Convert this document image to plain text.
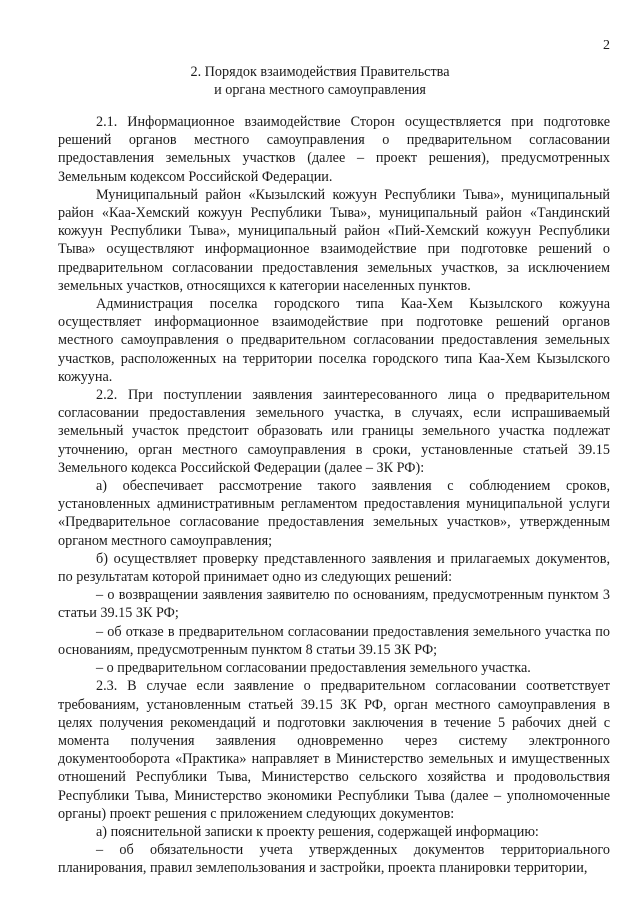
2
2. Порядок взаимодействия Правительства
и органа местного самоуправления

2.1. Информационное взаимодействие Сторон осуществляется при подготовке решений органов местного самоуправления о предварительном согласовании предоставления земельных участков (далее – проект решения), предусмотренных Земельным кодексом Российской Федерации.

Муниципальный район «Кызылский кожуун Республики Тыва», муниципальный район «Каа-Хемский кожуун Республики Тыва», муниципальный район «Тандинский кожуун Республики Тыва», муниципальный район «Пий-Хемский кожуун Республики Тыва» осуществляют информационное взаимодействие при подготовке решений о предварительном согласовании предоставления земельных участков, за исключением земельных участков, относящихся к категории населенных пунктов.

Администрация поселка городского типа Каа-Хем Кызылского кожууна осуществляет информационное взаимодействие при подготовке решений органов местного самоуправления о предварительном согласовании предоставления земельных участков, расположенных на территории поселка городского типа Каа-Хем Кызылского кожууна.

2.2. При поступлении заявления заинтересованного лица о предварительном согласовании предоставления земельного участка, в случаях, если испрашиваемый земельный участок предстоит образовать или границы земельного участка подлежат уточнению, орган местного самоуправления в сроки, установленные статьей 39.15 Земельного кодекса Российской Федерации (далее – ЗК РФ):

а) обеспечивает рассмотрение такого заявления с соблюдением сроков, установленных административным регламентом предоставления муниципальной услуги «Предварительное согласование предоставления земельных участков», утвержденным органом местного самоуправления;

б) осуществляет проверку представленного заявления и прилагаемых документов, по результатам которой принимает одно из следующих решений:

– о возвращении заявления заявителю по основаниям, предусмотренным пунктом 3 статьи 39.15 ЗК РФ;

– об отказе в предварительном согласовании предоставления земельного участка по основаниям, предусмотренным пунктом 8 статьи 39.15 ЗК РФ;

– о предварительном согласовании предоставления земельного участка.

2.3. В случае если заявление о предварительном согласовании соответствует требованиям, установленным статьей 39.15 ЗК РФ, орган местного самоуправления в целях получения рекомендаций и подготовки заключения в течение 5 рабочих дней с момента получения заявления одновременно через систему электронного документооборота «Практика» направляет в Министерство земельных и имущественных отношений Республики Тыва, Министерство сельского хозяйства и продовольствия Республики Тыва, Министерство экономики Республики Тыва (далее – уполномоченные органы) проект решения с приложением следующих документов:

а) пояснительной записки к проекту решения, содержащей информацию:

– об обязательности учета утвержденных документов территориального планирования, правил землепользования и застройки, проекта планировки территории,
